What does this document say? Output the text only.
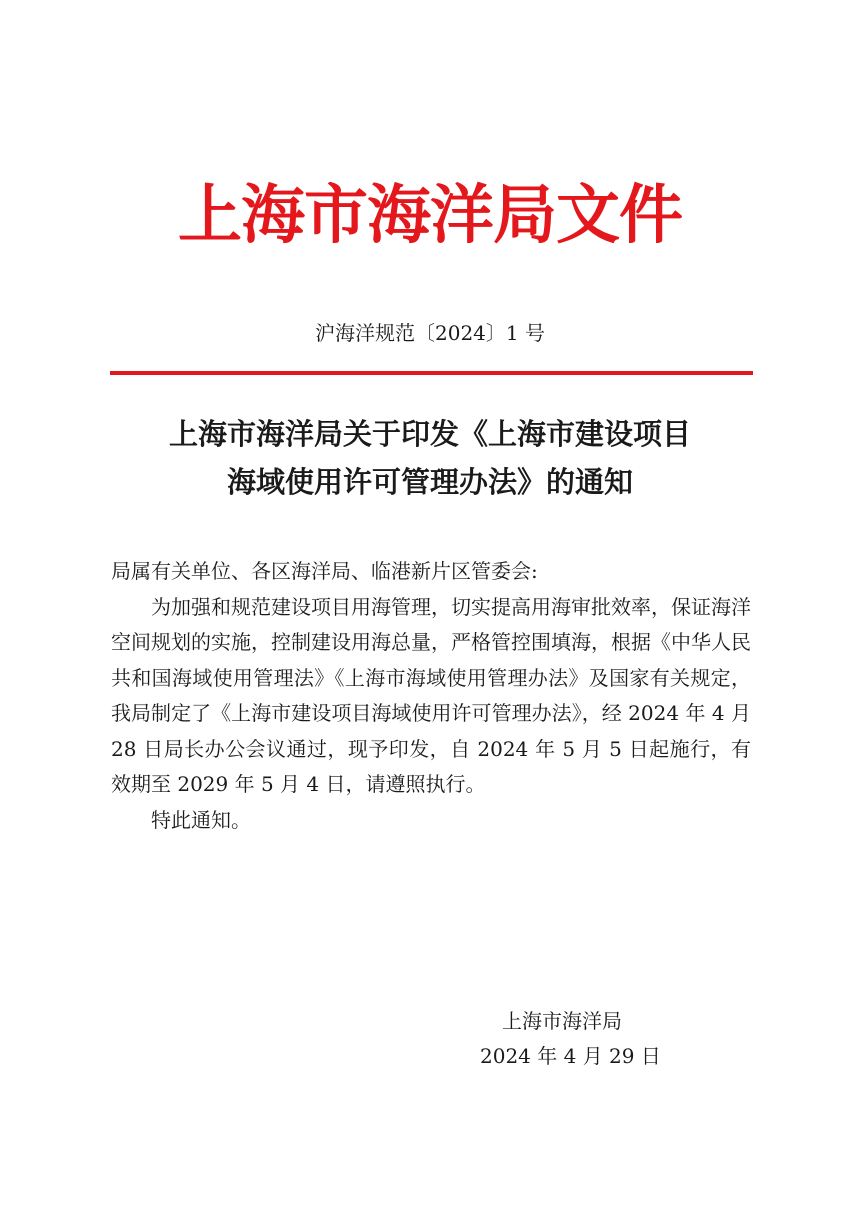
上海市海洋局文件
沪海洋规范〔2024〕1 号
上海市海洋局关于印发《上海市建设项目
海域使用许可管理办法》的通知
局属有关单位、各区海洋局、临港新片区管委会:

为加强和规范建设项目用海管理，切实提高用海审批效率，保证海洋空间规划的实施，控制建设用海总量，严格管控围填海，根据《中华人民共和国海域使用管理法》《上海市海域使用管理办法》及国家有关规定，我局制定了《上海市建设项目海域使用许可管理办法》，经 2024 年 4 月 28 日局长办公会议通过，现予印发，自 2024 年 5 月 5 日起施行，有效期至 2029 年 5 月 4 日，请遵照执行。

特此通知。

上海市海洋局
2024 年 4 月 29 日
